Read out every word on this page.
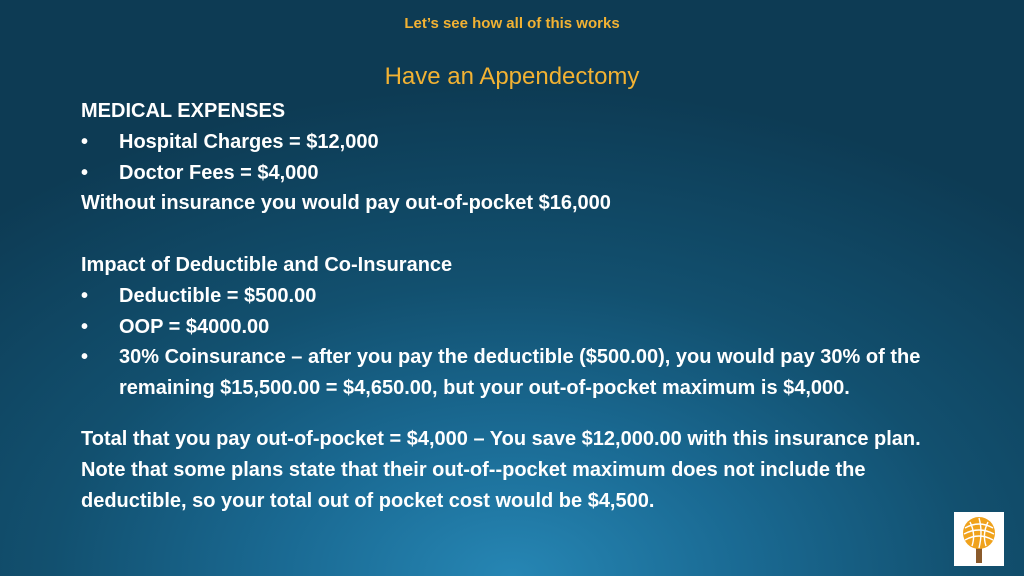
Let’s see how all of this works
Have an Appendectomy

MEDICAL EXPENSES

•	Hospital Charges = $12,000
•	Doctor Fees = $4,000

Without insurance you would pay out-of-pocket $16,000

Impact of Deductible and Co-Insurance

•	Deductible = $500.00
•	OOP = $4000.00
•	30% Coinsurance – after you pay the deductible ($500.00), you would pay 30% of the remaining $15,500.00 = $4,650.00, but your out-of-pocket maximum is $4,000.

Total that you pay out-of-pocket = $4,000 – You save $12,000.00 with this insurance plan. Note that some plans state that their out-of--pocket maximum does not include the deductible, so your total out of pocket cost would be $4,500.
